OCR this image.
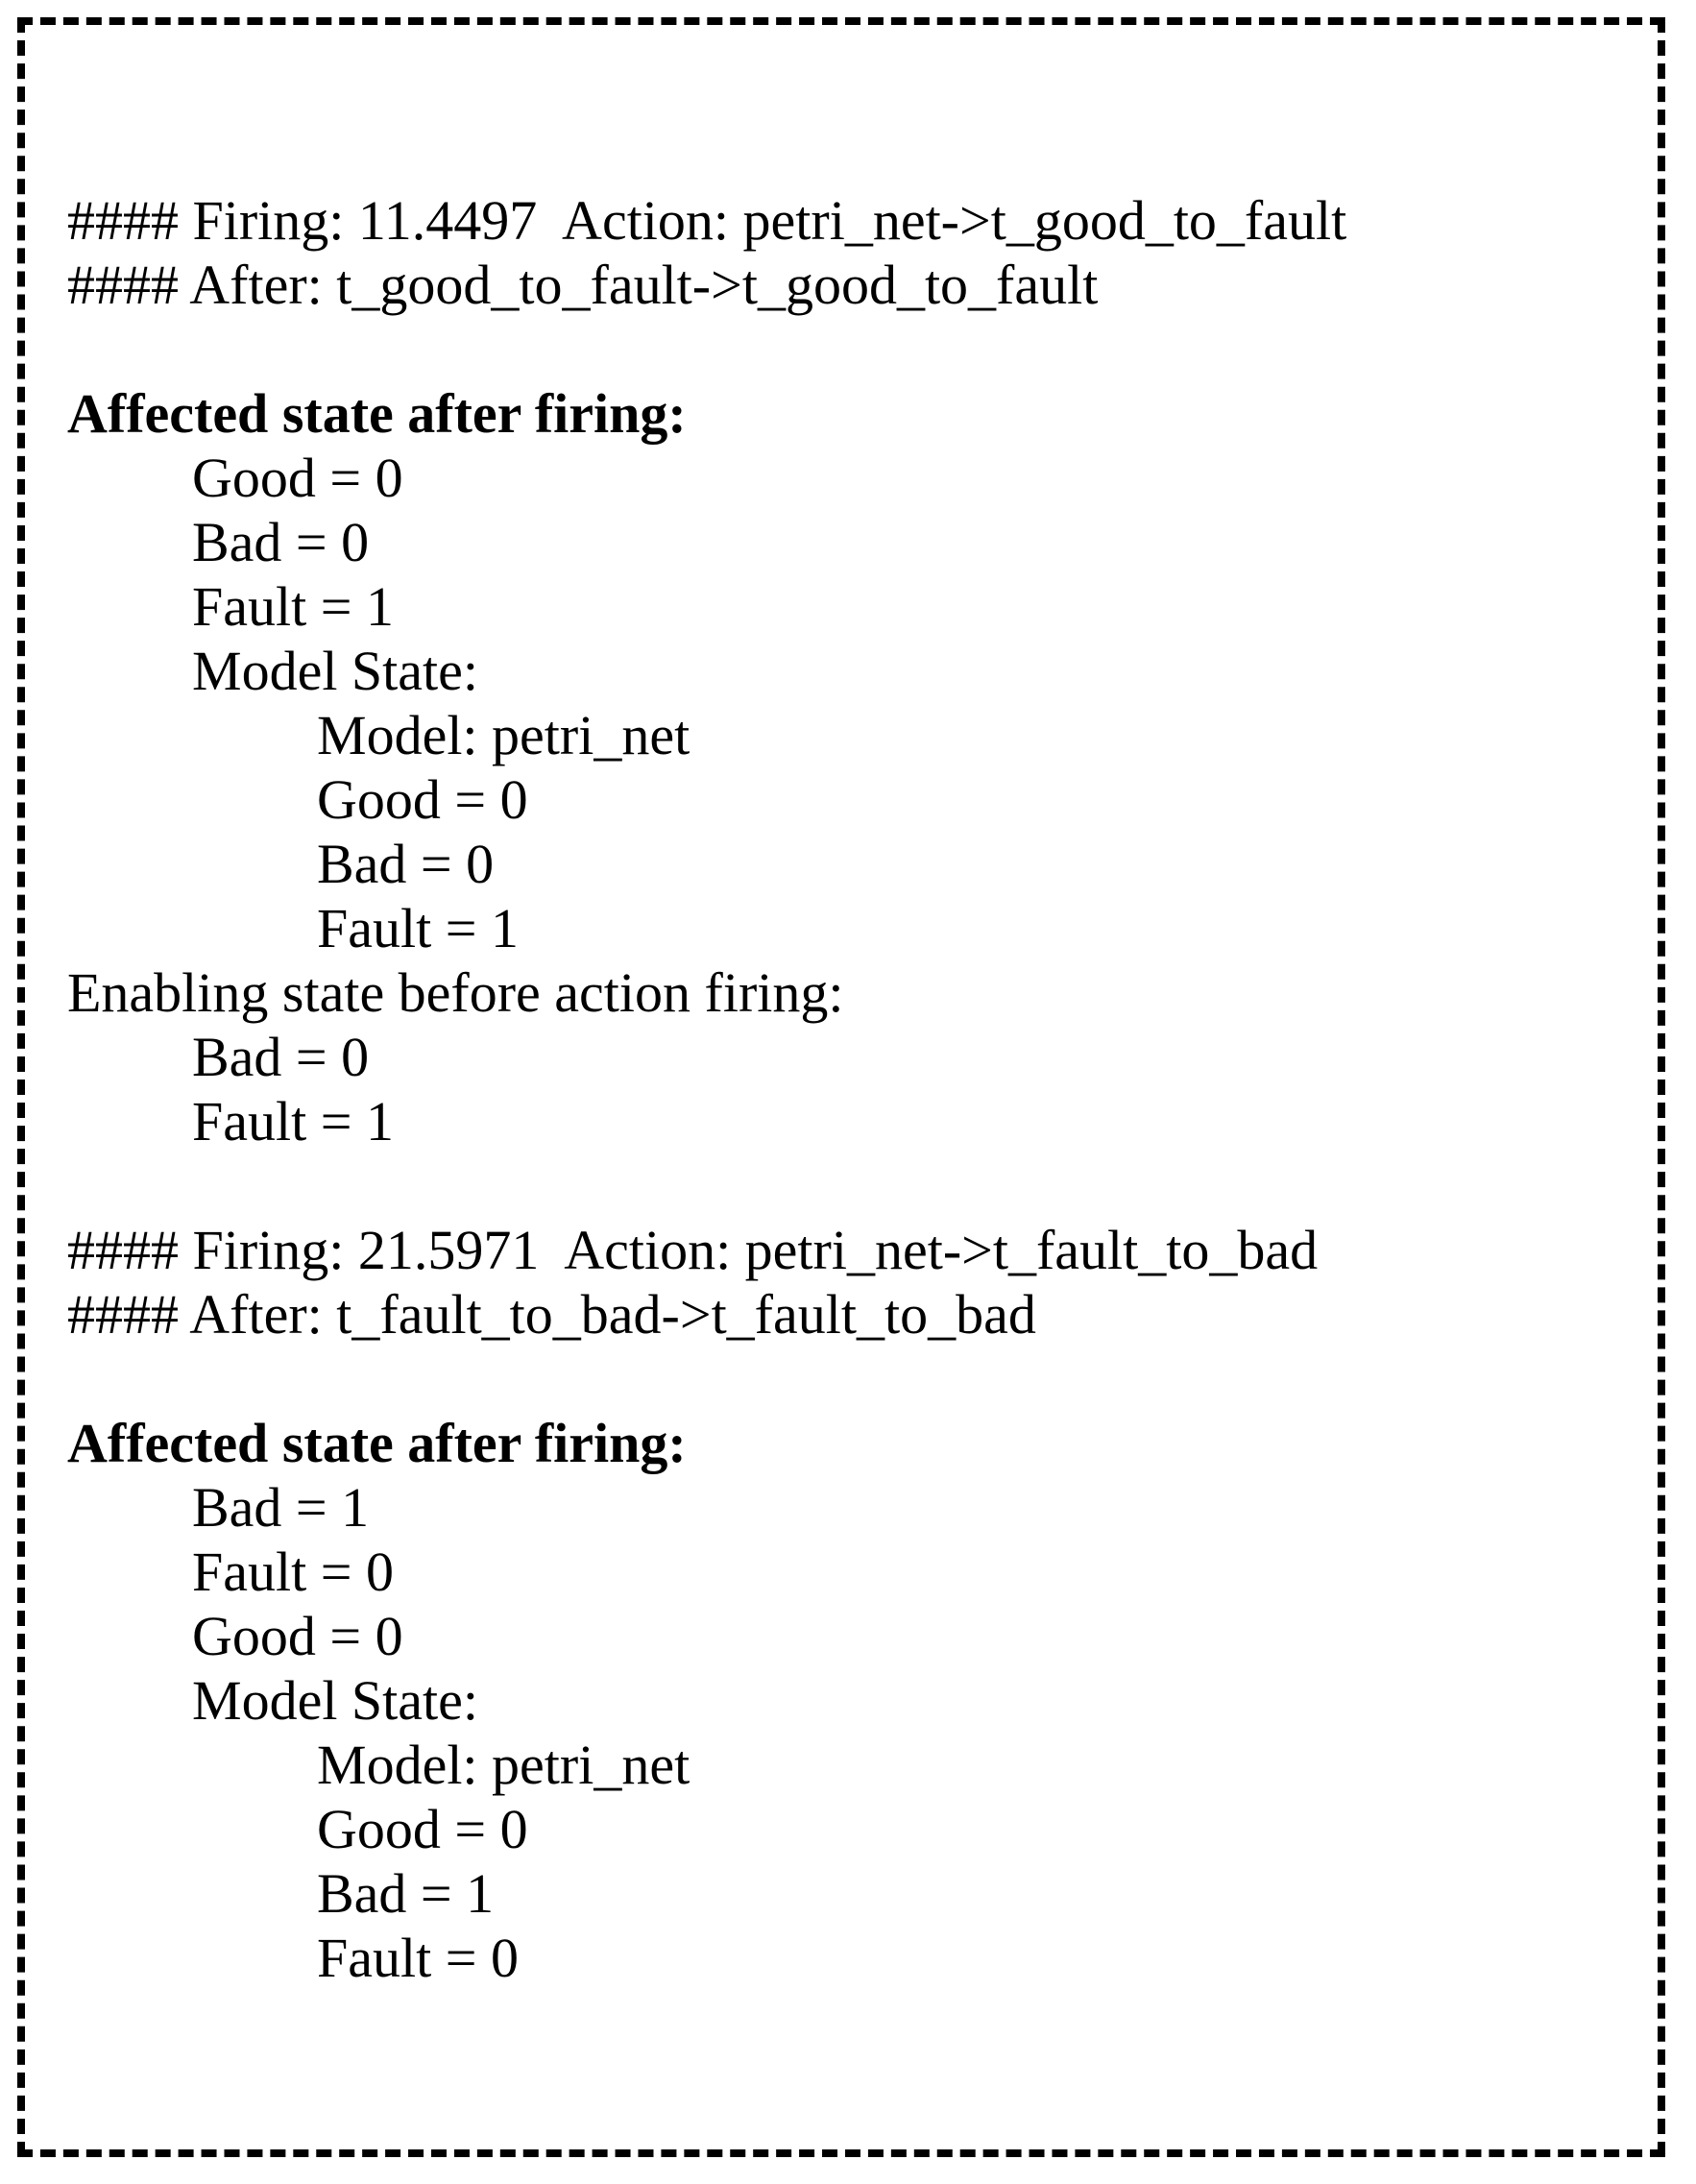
#### Firing: 11.4497  Action: petri_net->t_good_to_fault
#### After: t_good_to_fault->t_good_to_fault
Affected state after firing:
Good = 0
Bad = 0
Fault = 1
Model State:
Model: petri_net
Good = 0
Bad = 0
Fault = 1
Enabling state before action firing:
Bad = 0
Fault = 1
#### Firing: 21.5971  Action: petri_net->t_fault_to_bad
#### After: t_fault_to_bad->t_fault_to_bad
Affected state after firing:
Bad = 1
Fault = 0
Good = 0
Model State:
Model: petri_net
Good = 0
Bad = 1
Fault = 0
